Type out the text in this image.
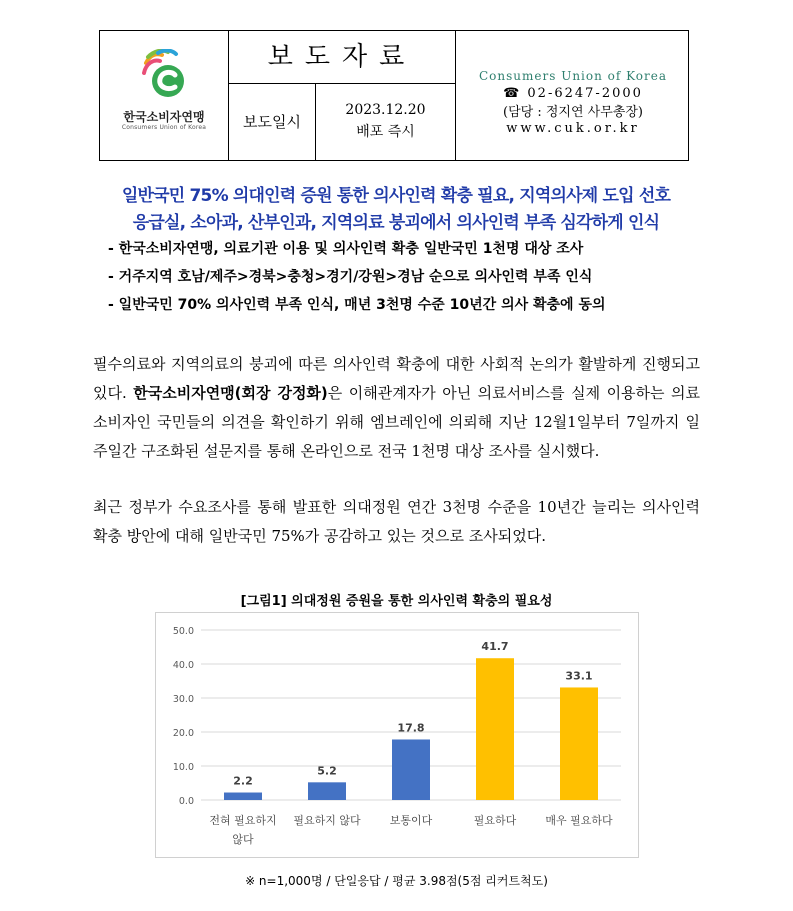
한국소비자연맹
Consumers Union of Korea
보도자료
보도일시
2023.12.20
배포 즉시
Consumers Union of Korea
☎ 02-6247-2000
(담당 : 정지연 사무총장)
www.cuk.or.kr
일반국민 75% 의대인력 증원 통한 의사인력 확충 필요, 지역의사제 도입 선호
응급실, 소아과, 산부인과, 지역의료 붕괴에서 의사인력 부족 심각하게 인식
- 한국소비자연맹, 의료기관 이용 및 의사인력 확충 일반국민 1천명 대상 조사
- 거주지역 호남/제주>경북>충청>경기/강원>경남 순으로 의사인력 부족 인식
- 일반국민 70% 의사인력 부족 인식, 매년 3천명 수준 10년간 의사 확충에 동의
필수의료와 지역의료의 붕괴에 따른 의사인력 확충에 대한 사회적 논의가 활발하게 진행되고 있다. 한국소비자연맹(회장 강정화)은 이해관계자가 아닌 의료서비스를 실제 이용하는 의료소비자인 국민들의 의견을 확인하기 위해 엠브레인에 의뢰해 지난 12월1일부터 7일까지 일주일간 구조화된 설문지를 통해 온라인으로 전국 1천명 대상 조사를 실시했다.
최근 정부가 수요조사를 통해 발표한 의대정원 연간 3천명 수준을 10년간 늘리는 의사인력 확충 방안에 대해 일반국민 75%가 공감하고 있는 것으로 조사되었다.
[그림1] 의대정원 증원을 통한 의사인력 확충의 필요성
0.0
10.0
20.0
30.0
40.0
50.0
2.2
전혀 필요하지
않다
5.2
필요하지 않다
17.8
보통이다
41.7
필요하다
33.1
매우 필요하다
※ n=1,000명 / 단일응답 / 평균 3.98점(5점 리커트척도)
